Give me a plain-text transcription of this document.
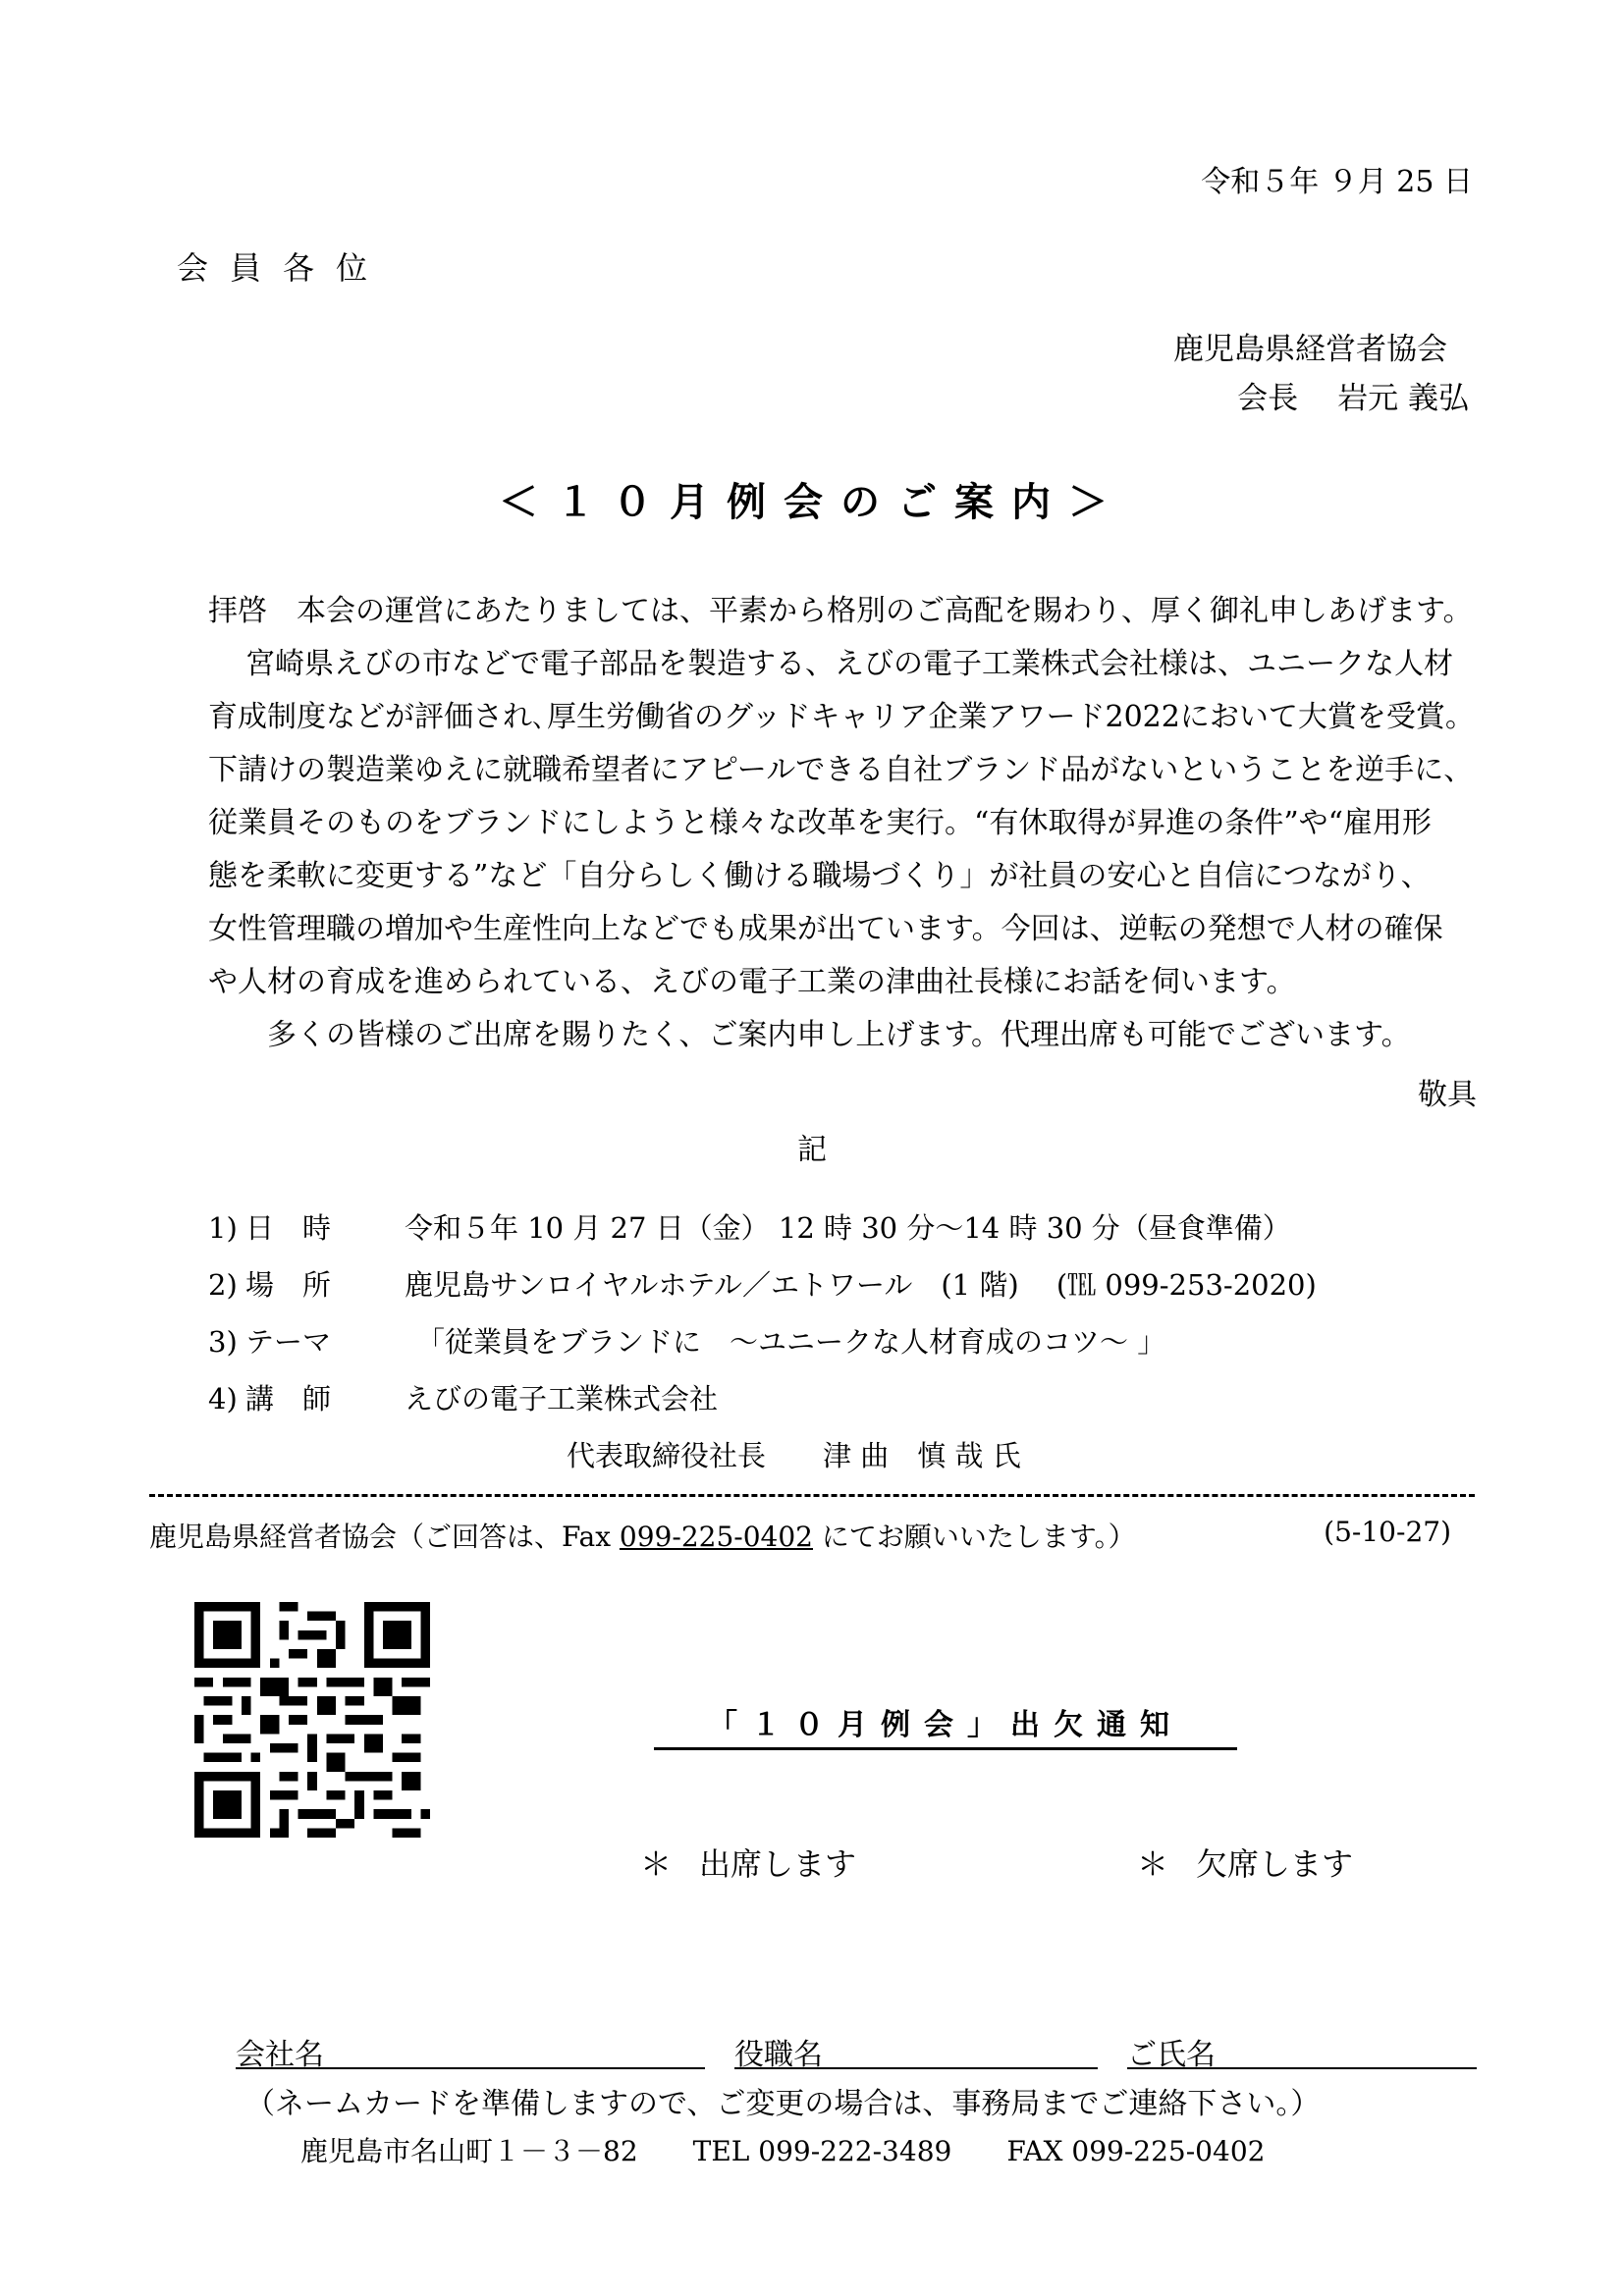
令和５年 ９月 25 日
会員各位
鹿児島県経営者協会
会長 岩元 義弘
＜１０月例会のご案内＞

拝啓　本会の運営にあたりましては、平素から格別のご高配を賜わり、厚く御礼申しあげます。

宮崎県えびの市などで電子部品を製造する、えびの電子工業株式会社様は、ユニークな人材

育成制度などが評価され､厚生労働省のグッドキャリア企業アワード2022において大賞を受賞。

下請けの製造業ゆえに就職希望者にアピールできる自社ブランド品がないということを逆手に、

従業員そのものをブランドにしようと様々な改革を実行。“有休取得が昇進の条件”や“雇用形

態を柔軟に変更する”など「自分らしく働ける職場づくり」が社員の安心と自信につながり、

女性管理職の増加や生産性向上などでも成果が出ています。今回は、逆転の発想で人材の確保

や人材の育成を進められている、えびの電子工業の津曲社長様にお話を伺います。

多くの皆様のご出席を賜りたく、ご案内申し上げます。代理出席も可能でございます。

敬具
記
1) 日　時	令和５年 10 月 27 日（金） 12 時 30 分～14 時 30 分（昼食準備）
2) 場　所	鹿児島サンロイヤルホテル／エトワール　(1 階)　 (℡ 099-253-2020)
3) テーマ	「従業員をブランドに　～ユニークな人材育成のコツ～ 」
4) 講　師	えびの電子工業株式会社
代表取締役社長　　津 曲　慎 哉 氏
鹿児島県経営者協会（ご回答は、Fax 099-225-0402 にてお願いいたします。）	(5-10-27)
「１０月例会」出欠通知
＊ 出席します	＊ 欠席します
会社名	役職名	ご氏名
（ネームカードを準備しますので、ご変更の場合は、事務局までご連絡下さい。）
鹿児島市名山町１－３－82 TEL 099-222-3489 FAX 099-225-0402
